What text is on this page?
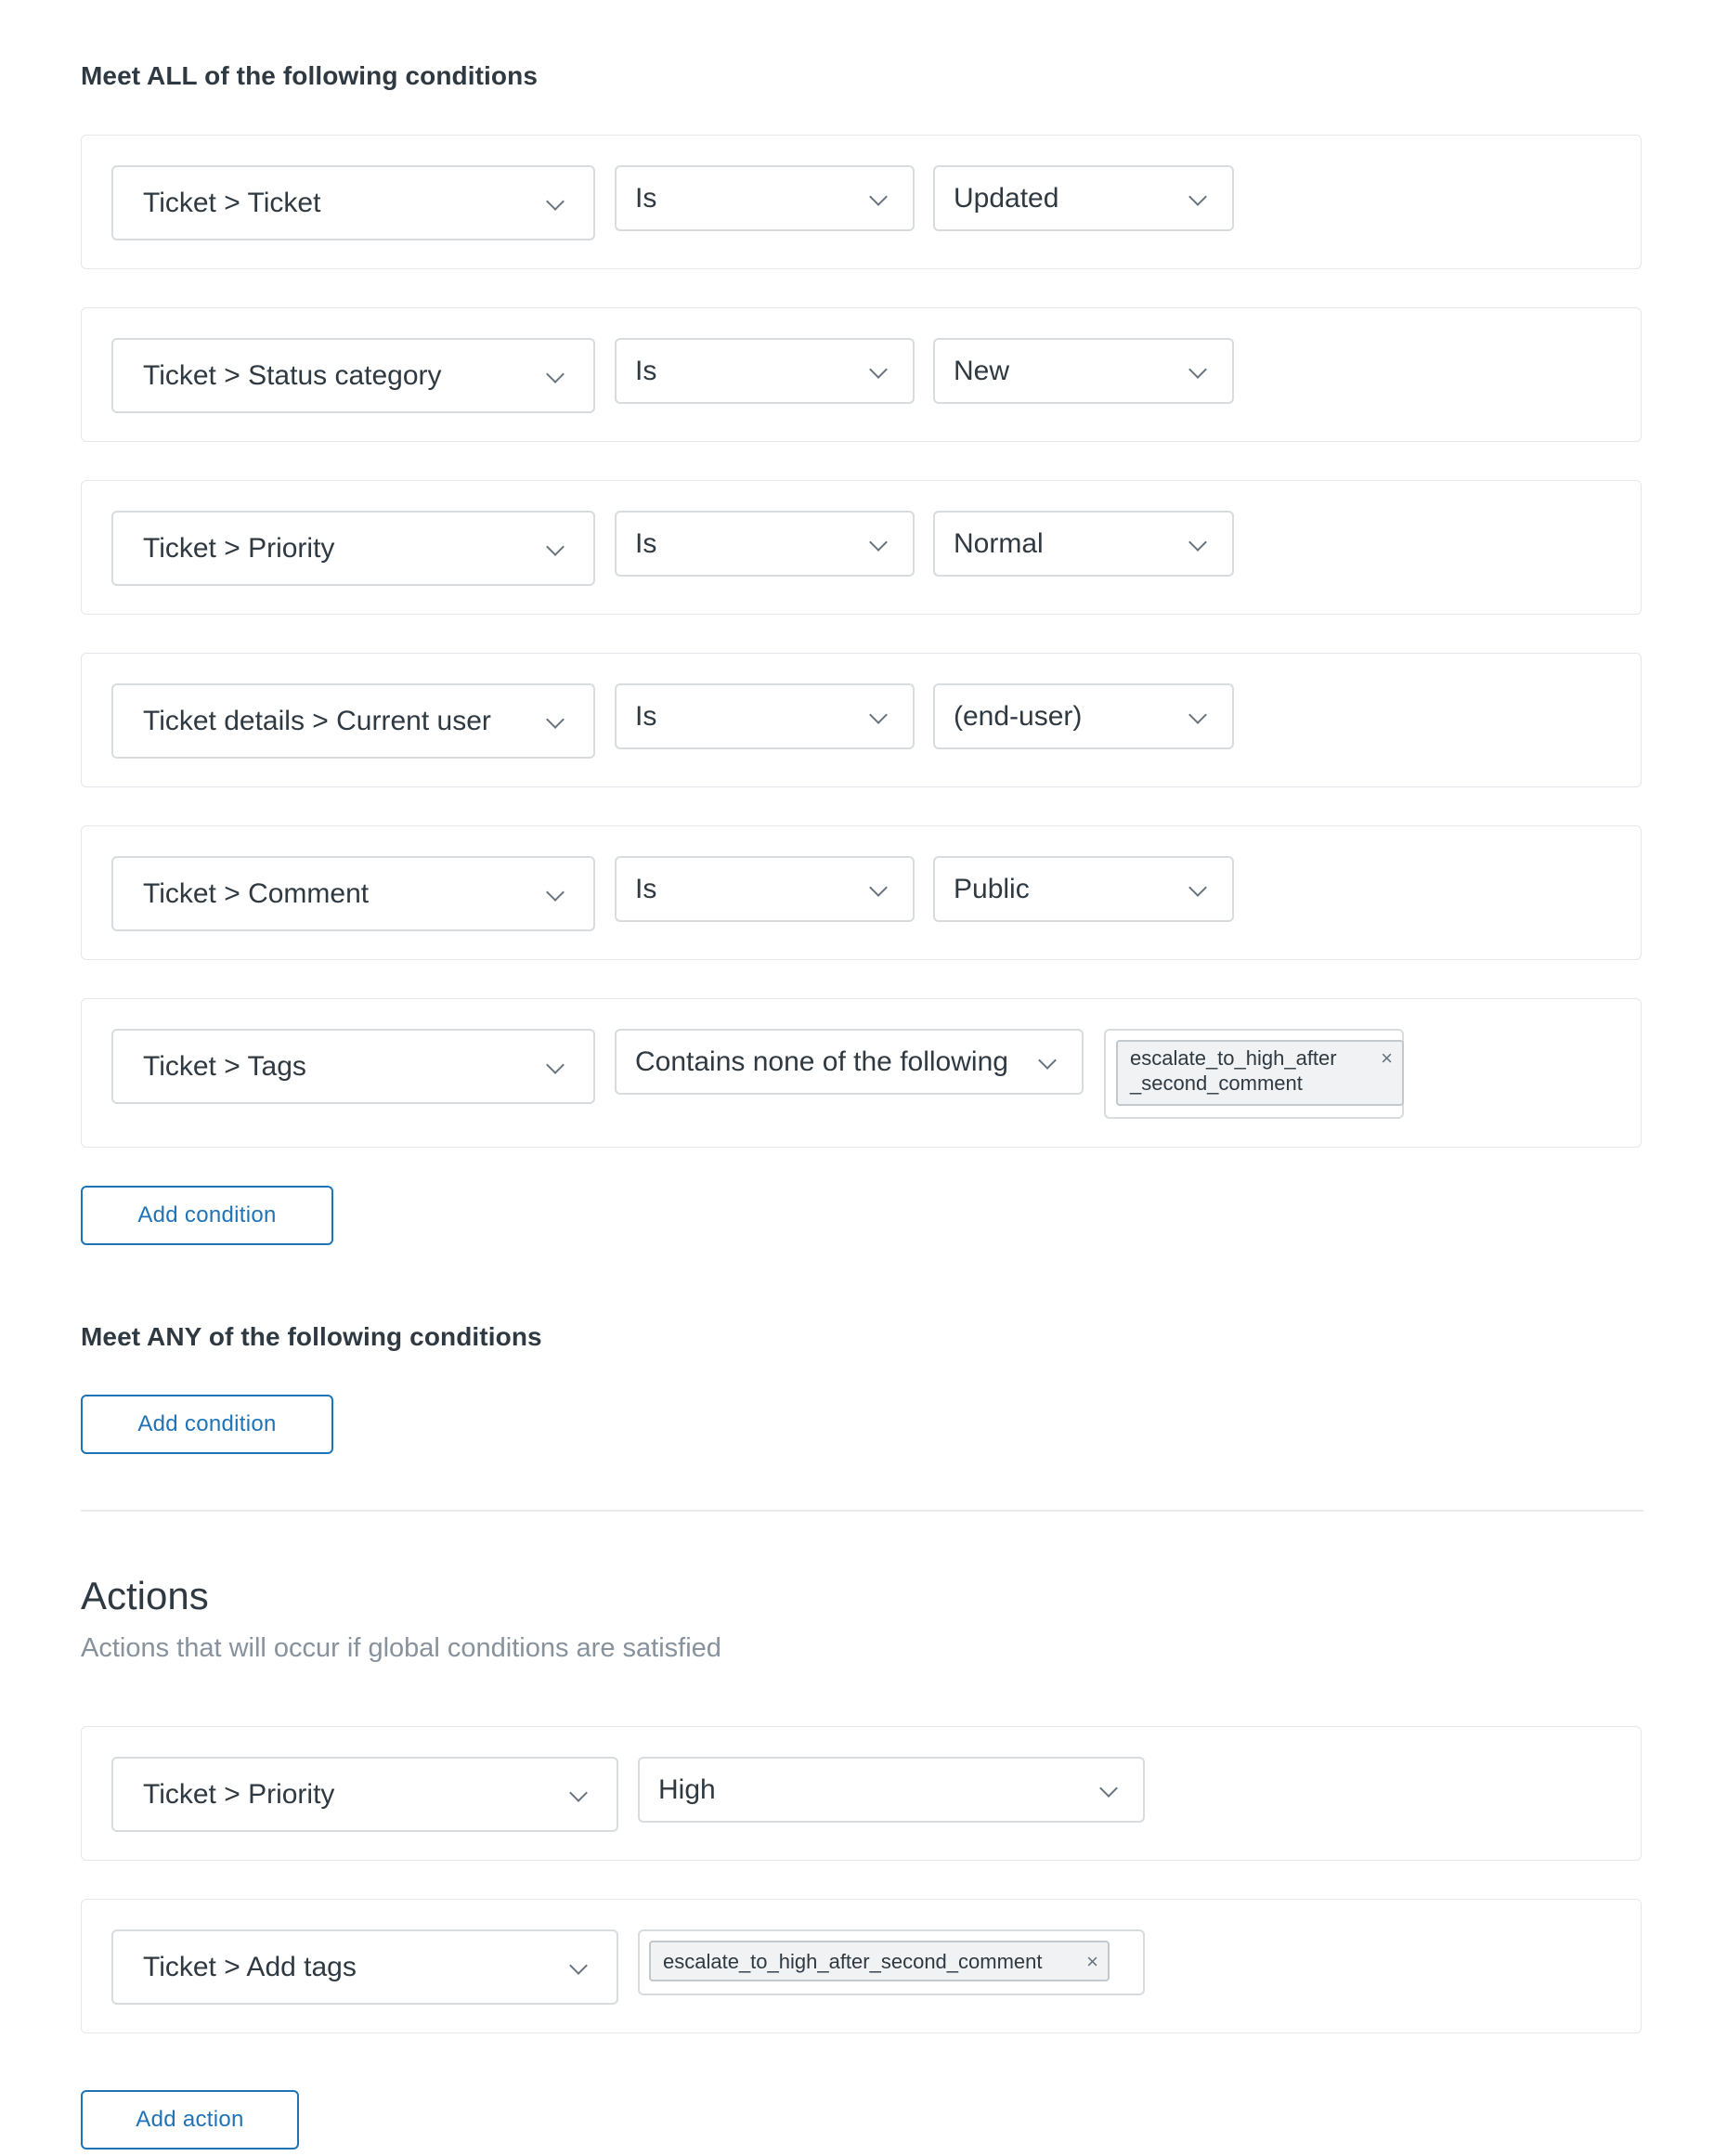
Meet ALL of the following conditions
Ticket > Ticket	Is	Updated
Ticket > Status category	Is	New
Ticket > Priority	Is	Normal
Ticket details > Current user	Is	(end-user)
Ticket > Comment	Is	Public
Ticket > Tags	Contains none of the following	escalate_to_high_after
_second_comment
×
Add condition
Meet ANY of the following conditions
Add condition
Actions
Actions that will occur if global conditions are satisfied
Ticket > Priority	High
Ticket > Add tags	escalate_to_high_after_second_comment ×
Add action
